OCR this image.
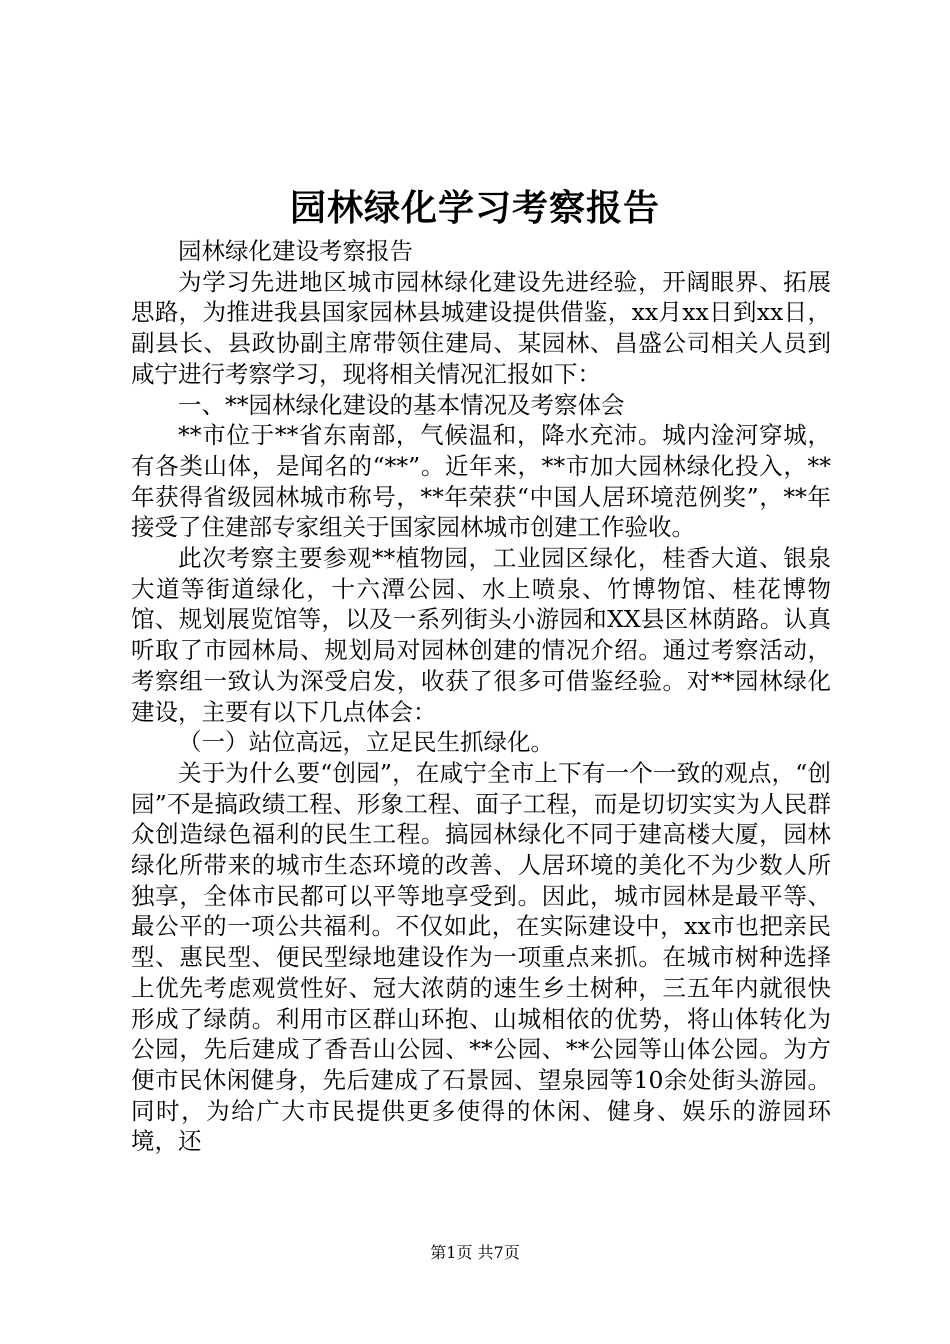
园林绿化学习考察报告

园林绿化建设考察报告

为学习先进地区城市园林绿化建设先进经验，开阔眼界、拓展思路，为推进我县国家园林县城建设提供借鉴，xx月xx日到xx日，副县长、县政协副主席带领住建局、某园林、昌盛公司相关人员到咸宁进行考察学习，现将相关情况汇报如下：

一、**园林绿化建设的基本情况及考察体会

**市位于**省东南部，气候温和，降水充沛。城内淦河穿城，有各类山体，是闻名的“**”。近年来，**市加大园林绿化投入，**年获得省级园林城市称号，**年荣获“中国人居环境范例奖”，**年接受了住建部专家组关于国家园林城市创建工作验收。

此次考察主要参观**植物园，工业园区绿化，桂香大道、银泉大道等街道绿化，十六潭公园、水上喷泉、竹博物馆、桂花博物馆、规划展览馆等，以及一系列街头小游园和XX县区林荫路。认真听取了市园林局、规划局对园林创建的情况介绍。通过考察活动，考察组一致认为深受启发，收获了很多可借鉴经验。对**园林绿化建设，主要有以下几点体会：

（一）站位高远，立足民生抓绿化。

关于为什么要“创园”，在咸宁全市上下有一个一致的观点，“创园”不是搞政绩工程、形象工程、面子工程，而是切切实实为人民群众创造绿色福利的民生工程。搞园林绿化不同于建高楼大厦，园林绿化所带来的城市生态环境的改善、人居环境的美化不为少数人所独享，全体市民都可以平等地享受到。因此，城市园林是最平等、最公平的一项公共福利。不仅如此，在实际建设中，xx市也把亲民型、惠民型、便民型绿地建设作为一项重点来抓。在城市树种选择上优先考虑观赏性好、冠大浓荫的速生乡土树种，三五年内就很快形成了绿荫。利用市区群山环抱、山城相依的优势，将山体转化为公园，先后建成了香吾山公园、**公园、**公园等山体公园。为方便市民休闲健身，先后建成了石景园、望泉园等10余处街头游园。同时，为给广大市民提供更多使得的休闲、健身、娱乐的游园环境，还

第1页 共7页
